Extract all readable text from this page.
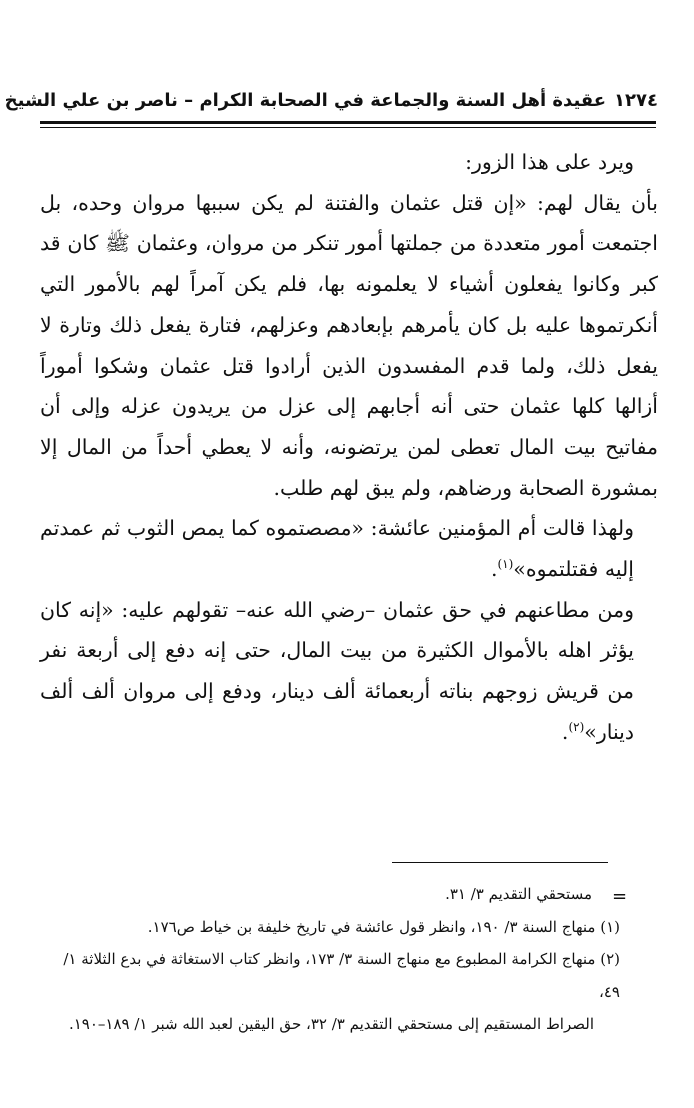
١٢٧٤عقيدة أهل السنة والجماعة في الصحابة الكرام – ناصر بن علي الشيخ

ويرد على هذا الزور:

بأن يقال لهم: «إن قتل عثمان والفتنة لم يكن سببها مروان وحده، بل اجتمعت أمور متعددة من جملتها أمور تنكر من مروان، وعثمان ﷺ كان قد كبر وكانوا يفعلون أشياء لا يعلمونه بها، فلم يكن آمراً لهم بالأمور التي أنكرتموها عليه بل كان يأمرهم بإبعادهم وعزلهم، فتارة يفعل ذلك وتارة لا يفعل ذلك، ولما قدم المفسدون الذين أرادوا قتل عثمان وشكوا أموراً أزالها كلها عثمان حتى أنه أجابهم إلى عزل من يريدون عزله وإلى أن مفاتيح بيت المال تعطى لمن يرتضونه، وأنه لا يعطي أحداً من المال إلا بمشورة الصحابة ورضاهم، ولم يبق لهم طلب.

ولهذا قالت أم المؤمنين عائشة: «مصصتموه كما يمص الثوب ثم عمدتم إليه فقتلتموه»$^{(١)}$.

ومن مطاعنهم في حق عثمان –رضي الله عنه– تقولهم عليه: «إنه كان يؤثر اهله بالأموال الكثيرة من بيت المال، حتى إنه دفع إلى أربعة نفر من قريش زوجهم بناته أربعمائة ألف دينار، ودفع إلى مروان ألف ألف دينار»$^{(٢)}$.

=

مستحقي التقديم ٣/ ٣١.

(١) منهاج السنة ٣/ ١٩٠، وانظر قول عائشة في تاريخ خليفة بن خياط ص١٧٦.

(٢) منهاج الكرامة المطبوع مع منهاج السنة ٣/ ١٧٣، وانظر كتاب الاستغاثة في بدع الثلاثة ١/ ٤٩،

الصراط المستقيم إلى مستحقي التقديم ٣/ ٣٢، حق اليقين لعبد الله شبر ١/ ١٨٩–١٩٠.
